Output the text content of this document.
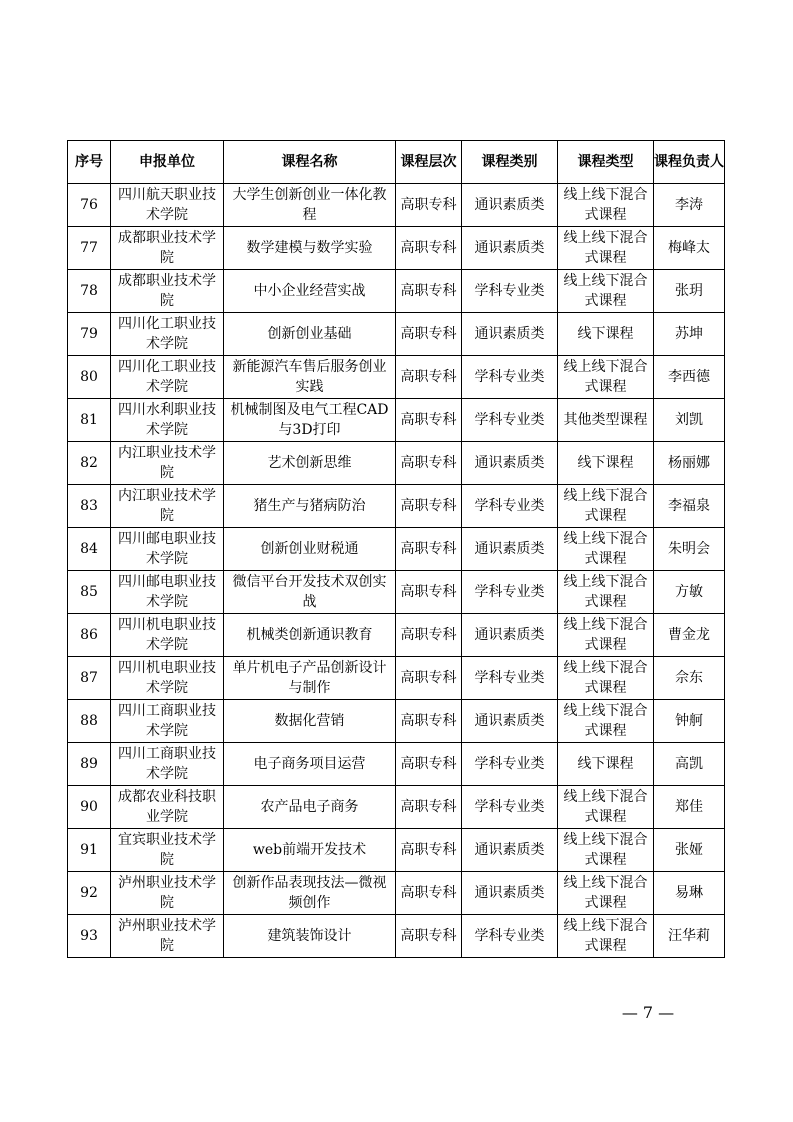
序号	申报单位	课程名称	课程层次	课程类别	课程类型	课程负责人
76	四川航天职业技术学院	大学生创新创业一体化教程	高职专科	通识素质类	线上线下混合式课程	李涛
77	成都职业技术学院	数学建模与数学实验	高职专科	通识素质类	线上线下混合式课程	梅峰太
78	成都职业技术学院	中小企业经营实战	高职专科	学科专业类	线上线下混合式课程	张玥
79	四川化工职业技术学院	创新创业基础	高职专科	通识素质类	线下课程	苏坤
80	四川化工职业技术学院	新能源汽车售后服务创业实践	高职专科	学科专业类	线上线下混合式课程	李西德
81	四川水利职业技术学院	机械制图及电气工程CAD与3D打印	高职专科	学科专业类	其他类型课程	刘凯
82	内江职业技术学院	艺术创新思维	高职专科	通识素质类	线下课程	杨丽娜
83	内江职业技术学院	猪生产与猪病防治	高职专科	学科专业类	线上线下混合式课程	李福泉
84	四川邮电职业技术学院	创新创业财税通	高职专科	通识素质类	线上线下混合式课程	朱明会
85	四川邮电职业技术学院	微信平台开发技术双创实战	高职专科	学科专业类	线上线下混合式课程	方敏
86	四川机电职业技术学院	机械类创新通识教育	高职专科	通识素质类	线上线下混合式课程	曹金龙
87	四川机电职业技术学院	单片机电子产品创新设计与制作	高职专科	学科专业类	线上线下混合式课程	佘东
88	四川工商职业技术学院	数据化营销	高职专科	通识素质类	线上线下混合式课程	钟舸
89	四川工商职业技术学院	电子商务项目运营	高职专科	学科专业类	线下课程	高凯
90	成都农业科技职业学院	农产品电子商务	高职专科	学科专业类	线上线下混合式课程	郑佳
91	宜宾职业技术学院	web前端开发技术	高职专科	通识素质类	线上线下混合式课程	张娅
92	泸州职业技术学院	创新作品表现技法—微视频创作	高职专科	通识素质类	线上线下混合式课程	易琳
93	泸州职业技术学院	建筑装饰设计	高职专科	学科专业类	线上线下混合式课程	汪华莉
— 7 —
